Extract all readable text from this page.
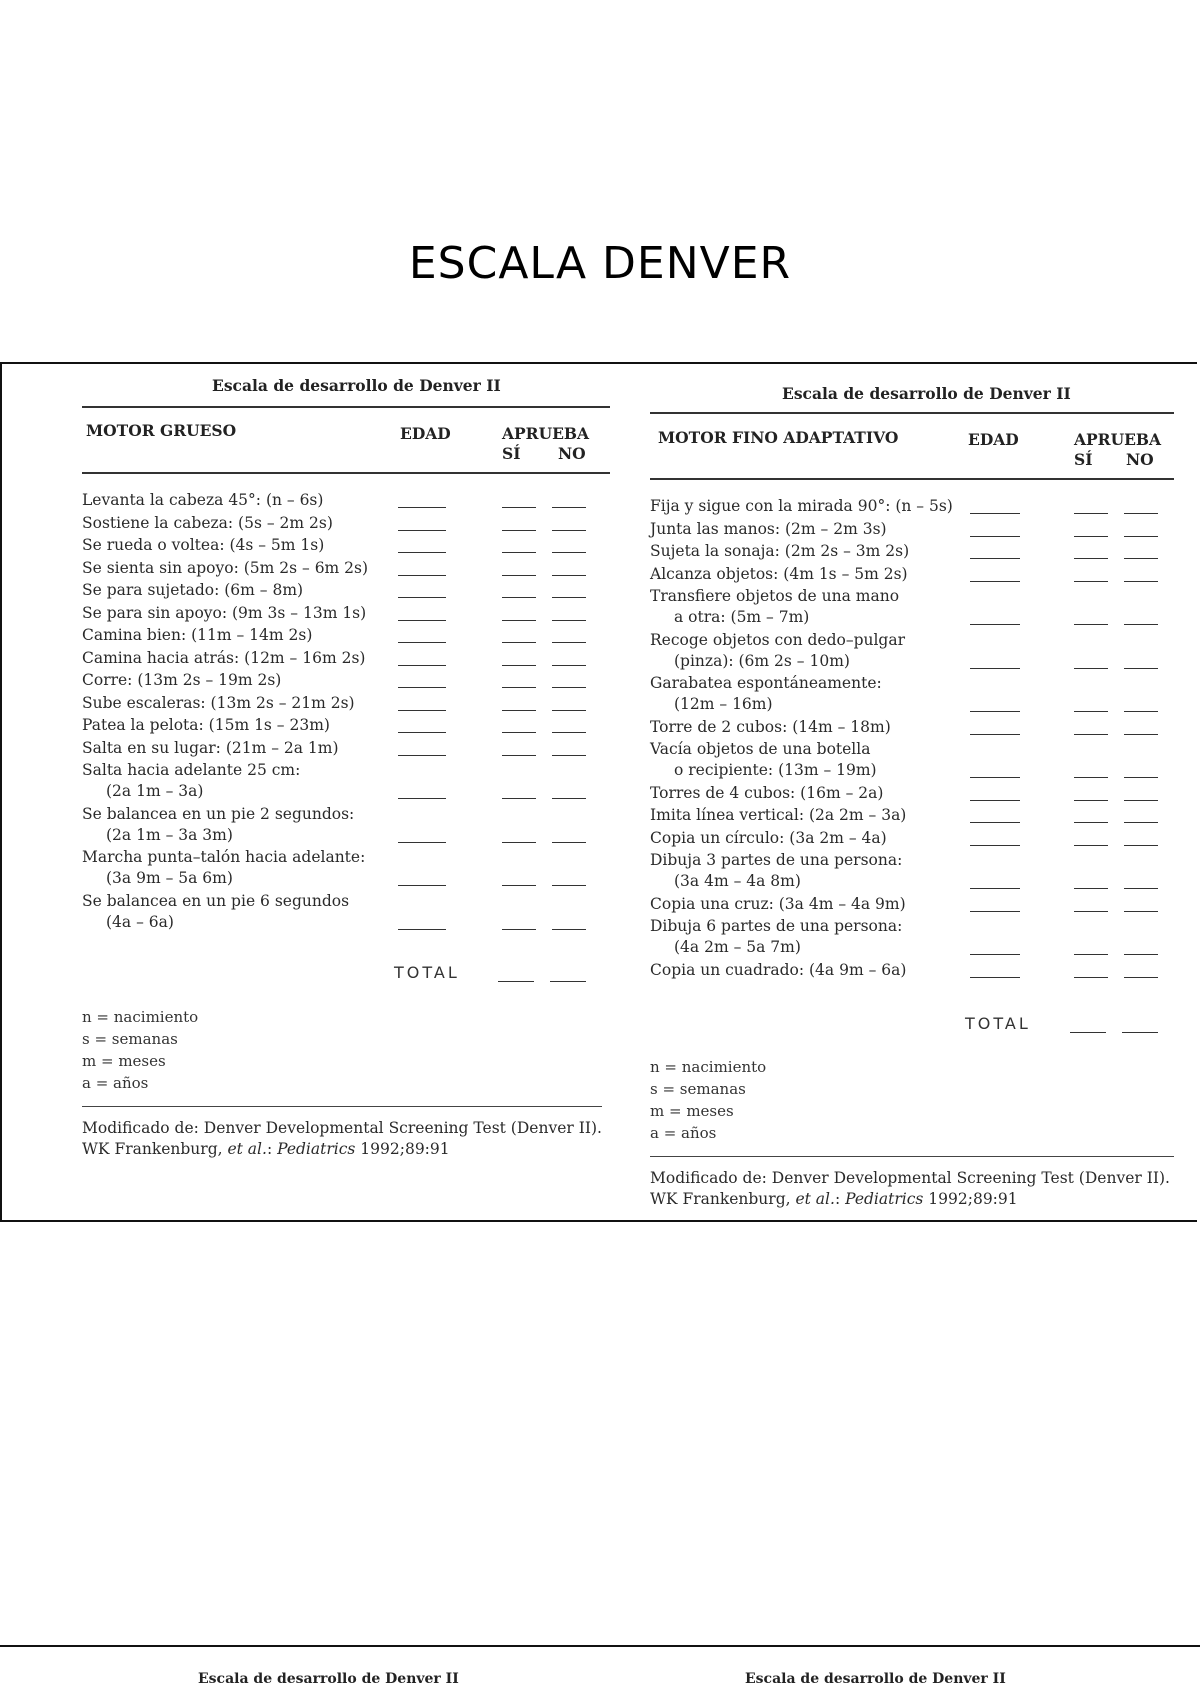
ESCALA DENVER
Escala de desarrollo de Denver II
MOTOR GRUESO	EDAD	APRUEBA
SÍ NO
Levanta la cabeza 45°: (n – 6s)
Sostiene la cabeza: (5s – 2m 2s)
Se rueda o voltea: (4s – 5m 1s)
Se sienta sin apoyo: (5m 2s – 6m 2s)
Se para sujetado: (6m – 8m)
Se para sin apoyo: (9m 3s – 13m 1s)
Camina bien: (11m – 14m 2s)
Camina hacia atrás: (12m – 16m 2s)
Corre: (13m 2s – 19m 2s)
Sube escaleras: (13m 2s – 21m 2s)
Patea la pelota: (15m 1s – 23m)
Salta en su lugar: (21m – 2a 1m)
Salta hacia adelante 25 cm:
(2a 1m – 3a)
Se balancea en un pie 2 segundos:
(2a 1m – 3a 3m)
Marcha punta–talón hacia adelante:
(3a 9m – 5a 6m)
Se balancea en un pie 6 segundos
(4a – 6a)
TOTAL
n = nacimiento
s = semanas
m = meses
a = años
Modificado de: Denver Developmental Screening Test (Denver II). WK Frankenburg, et al.: Pediatrics 1992;89:91
Escala de desarrollo de Denver II
MOTOR FINO ADAPTATIVO	EDAD	APRUEBA
SÍ NO
Fija y sigue con la mirada 90°: (n – 5s)
Junta las manos: (2m – 2m 3s)
Sujeta la sonaja: (2m 2s – 3m 2s)
Alcanza objetos: (4m 1s – 5m 2s)
Transfiere objetos de una mano
a otra: (5m – 7m)
Recoge objetos con dedo–pulgar
(pinza): (6m 2s – 10m)
Garabatea espontáneamente:
(12m – 16m)
Torre de 2 cubos: (14m – 18m)
Vacía objetos de una botella
o recipiente: (13m – 19m)
Torres de 4 cubos: (16m – 2a)
Imita línea vertical: (2a 2m – 3a)
Copia un círculo: (3a 2m – 4a)
Dibuja 3 partes de una persona:
(3a 4m – 4a 8m)
Copia una cruz: (3a 4m – 4a 9m)
Dibuja 6 partes de una persona:
(4a 2m – 5a 7m)
Copia un cuadrado: (4a 9m – 6a)
TOTAL
n = nacimiento
s = semanas
m = meses
a = años
Modificado de: Denver Developmental Screening Test (Denver II). WK Frankenburg, et al.: Pediatrics 1992;89:91
Escala de desarrollo de Denver II	Escala de desarrollo de Denver II
